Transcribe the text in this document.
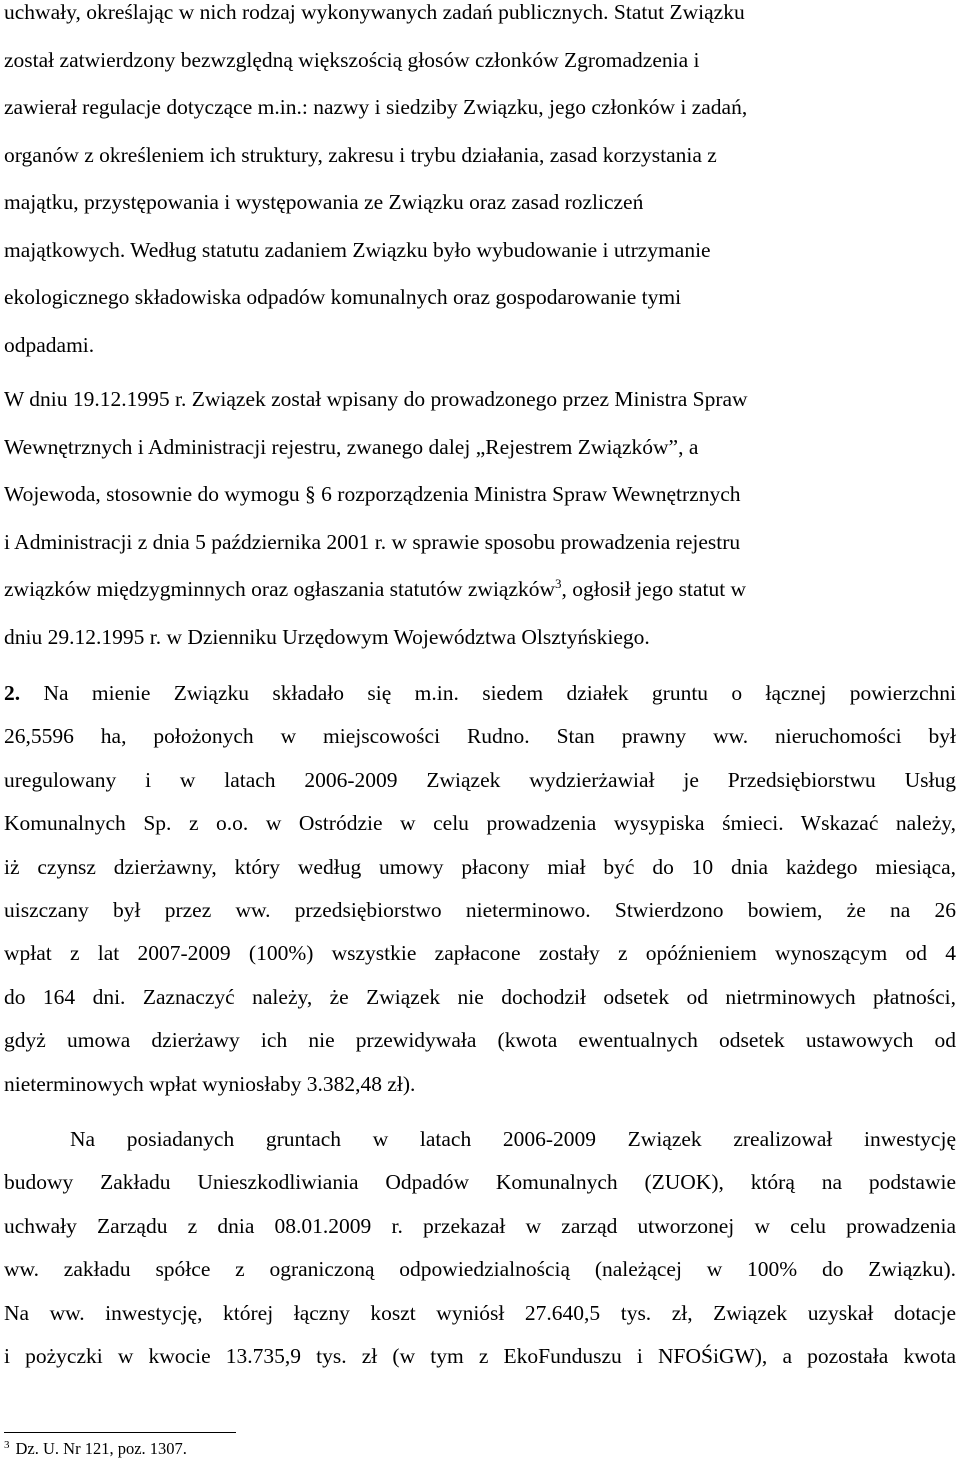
uchwały, określając w nich rodzaj wykonywanych zadań publicznych. Statut Związku
został zatwierdzony bezwzględną większością głosów członków Zgromadzenia i
zawierał regulacje dotyczące m.in.: nazwy i siedziby Związku, jego członków i zadań,
organów z określeniem ich struktury, zakresu i trybu działania, zasad korzystania z
majątku, przystępowania i występowania ze Związku oraz zasad rozliczeń
majątkowych. Według statutu zadaniem Związku było wybudowanie i utrzymanie
ekologicznego składowiska odpadów komunalnych oraz gospodarowanie tymi
odpadami.
W dniu 19.12.1995 r. Związek został wpisany do prowadzonego przez Ministra Spraw
Wewnętrznych i Administracji rejestru, zwanego dalej „Rejestrem Związków”, a
Wojewoda, stosownie do wymogu § 6 rozporządzenia Ministra Spraw Wewnętrznych
i Administracji z dnia 5 października 2001 r. w sprawie sposobu prowadzenia rejestru
związków międzygminnych oraz ogłaszania statutów związków$^3$, ogłosił jego statut w
dniu 29.12.1995 r. w Dzienniku Urzędowym Województwa Olsztyńskiego.
2. Na mienie Związku składało się m.in. siedem działek gruntu o łącznej powierzchni
26,5596 ha, położonych w miejscowości Rudno. Stan prawny ww. nieruchomości był
uregulowany i w latach 2006-2009 Związek wydzierżawiał je Przedsiębiorstwu Usług
Komunalnych Sp. z o.o. w Ostródzie w celu prowadzenia wysypiska śmieci. Wskazać należy,
iż czynsz dzierżawny, który według umowy płacony miał być do 10 dnia każdego miesiąca,
uiszczany był przez ww. przedsiębiorstwo nieterminowo. Stwierdzono bowiem, że na 26
wpłat z lat 2007-2009 (100%) wszystkie zapłacone zostały z opóźnieniem wynoszącym od 4
do 164 dni. Zaznaczyć należy, że Związek nie dochodził odsetek od nietrminowych płatności,
gdyż umowa dzierżawy ich nie przewidywała (kwota ewentualnych odsetek ustawowych od
nieterminowych wpłat wyniosłaby 3.382,48 zł).
Na posiadanych gruntach w latach 2006-2009 Związek zrealizował inwestycję
budowy Zakładu Unieszkodliwiania Odpadów Komunalnych (ZUOK), którą na podstawie
uchwały Zarządu z dnia 08.01.2009 r. przekazał w zarząd utworzonej w celu prowadzenia
ww. zakładu spółce z ograniczoną odpowiedzialnością (należącej w 100% do Związku).
Na ww. inwestycję, której łączny koszt wyniósł 27.640,5 tys. zł, Związek uzyskał dotacje
i pożyczki w kwocie 13.735,9 tys. zł (w tym z EkoFunduszu i NFOŚiGW), a pozostała kwota
$^3$ Dz. U. Nr 121, poz. 1307.
